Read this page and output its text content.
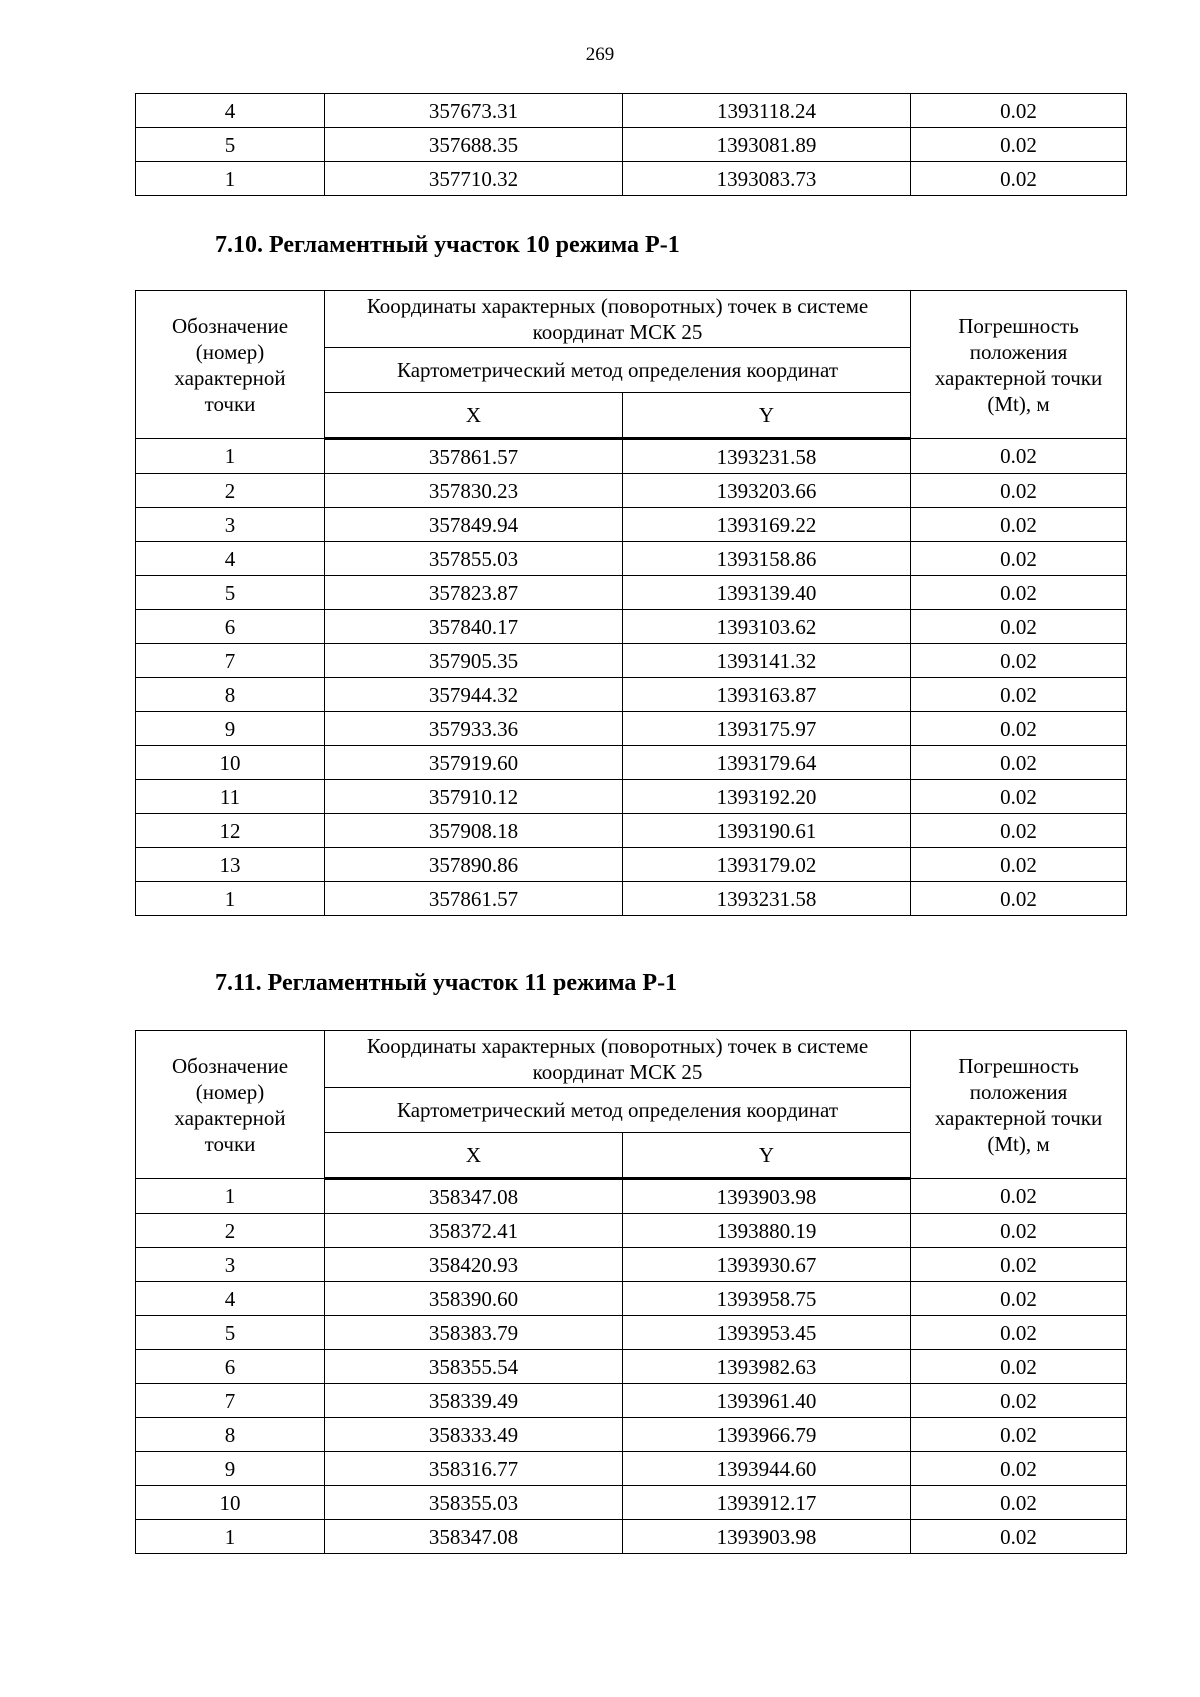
269
4	357673.31	1393118.24	0.02
5	357688.35	1393081.89	0.02
1	357710.32	1393083.73	0.02
7.10. Регламентный участок 10 режима Р-1
Обозначение (номер) характерной точки	Координаты характерных (поворотных) точек в системе координат МСК 25		Погрешность положения характерной точки (Mt), м
	Картометрический метод определения координат		
	X	Y	
1	357861.57	1393231.58	0.02
2	357830.23	1393203.66	0.02
3	357849.94	1393169.22	0.02
4	357855.03	1393158.86	0.02
5	357823.87	1393139.40	0.02
6	357840.17	1393103.62	0.02
7	357905.35	1393141.32	0.02
8	357944.32	1393163.87	0.02
9	357933.36	1393175.97	0.02
10	357919.60	1393179.64	0.02
11	357910.12	1393192.20	0.02
12	357908.18	1393190.61	0.02
13	357890.86	1393179.02	0.02
1	357861.57	1393231.58	0.02
7.11. Регламентный участок 11 режима Р-1
Обозначение (номер) характерной точки	Координаты характерных (поворотных) точек в системе координат МСК 25		Погрешность положения характерной точки (Mt), м
	Картометрический метод определения координат		
	X	Y	
1	358347.08	1393903.98	0.02
2	358372.41	1393880.19	0.02
3	358420.93	1393930.67	0.02
4	358390.60	1393958.75	0.02
5	358383.79	1393953.45	0.02
6	358355.54	1393982.63	0.02
7	358339.49	1393961.40	0.02
8	358333.49	1393966.79	0.02
9	358316.77	1393944.60	0.02
10	358355.03	1393912.17	0.02
1	358347.08	1393903.98	0.02
